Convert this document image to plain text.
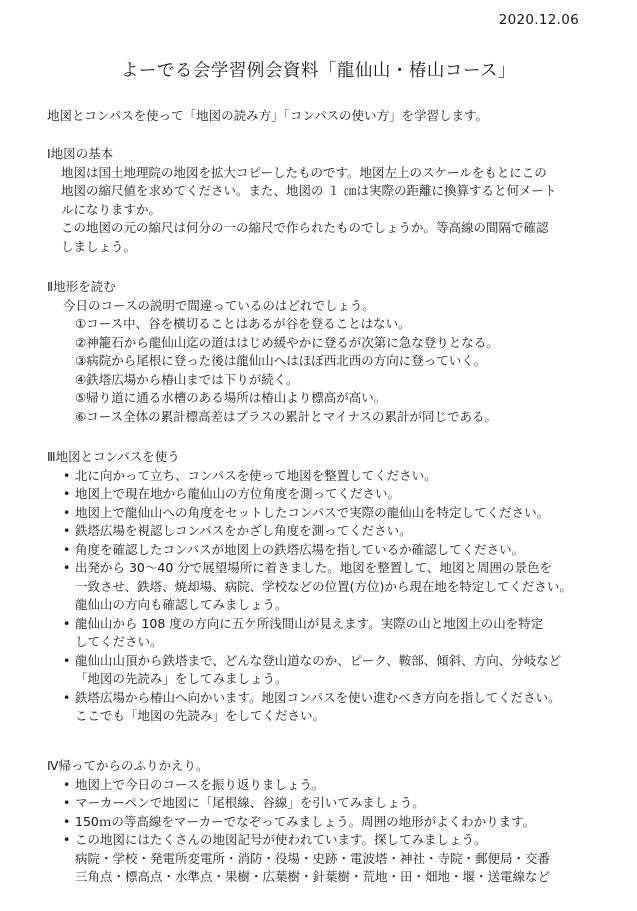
2020.12.06
よーでる会学習例会資料「龍仙山・椿山コース」
地図とコンパスを使って「地図の読み方」「コンパスの使い方」を学習します。

Ⅰ地図の基本

地図は国土地理院の地図を拡大コピーしたものです。地図左上のスケールをもとにこの
地図の縮尺値を求めてください。また、地図の １ ㎝は実際の距離に換算すると何メート
ルになりますか。
この地図の元の縮尺は何分の一の縮尺で作られたものでしょうか。等高線の間隔で確認
しましょう。

Ⅱ地形を読む

今日のコースの説明で間違っているのはどれでしょう。
①コース中、谷を横切ることはあるが谷を登ることはない。
②神籠石から龍仙山迄の道ははじめ緩やかに登るが次第に急な登りとなる。
③病院から尾根に登った後は龍仙山へはほぼ西北西の方向に登っていく。
④鉄塔広場から椿山までは下りが続く。
⑤帰り道に通る水槽のある場所は椿山より標高が高い。
⑥コース全体の累計標高差はプラスの累計とマイナスの累計が同じである。

Ⅲ地図とコンパスを使う

• 北に向かって立ち、コンパスを使って地図を整置してください。
• 地図上で現在地から龍仙山の方位角度を測ってください。
• 地図上で龍仙山への角度をセットしたコンパスで実際の龍仙山を特定してください。
• 鉄塔広場を視認しコンパスをかざし角度を測ってください。
• 角度を確認したコンパスが地図上の鉄塔広場を指しているか確認してください。
• 出発から 30～40 分で展望場所に着きました。地図を整置して、地図と周囲の景色を
一致させ、鉄塔、焼却場、病院、学校などの位置(方位)から現在地を特定してください。
龍仙山の方向も確認してみましょう。
• 龍仙山から 108 度の方向に五ケ所浅間山が見えます。実際の山と地図上の山を特定
してください。
• 龍仙山山頂から鉄塔まで、どんな登山道なのか、ピーク、鞍部、傾斜、方向、分岐など
「地図の先読み」をしてみましょう。
• 鉄塔広場から椿山へ向かいます。地図コンパスを使い進むべき方向を指してください。
ここでも「地図の先読み」をしてください。

Ⅳ帰ってからのふりかえり。

• 地図上で今日のコースを振り返りましょう。
• マーカーペンで地図に「尾根線、谷線」を引いてみましょう。
• 150ｍの等高線をマーカーでなぞってみましょう。周囲の地形がよくわかります。
• この地図にはたくさんの地図記号が使われています。探してみましょう。
病院・学校・発電所変電所・消防・役場・史跡・電波塔・神社・寺院・郵便局・交番
三角点・標高点・水準点・果樹・広葉樹・針葉樹・荒地・田・畑地・堰・送電線など
